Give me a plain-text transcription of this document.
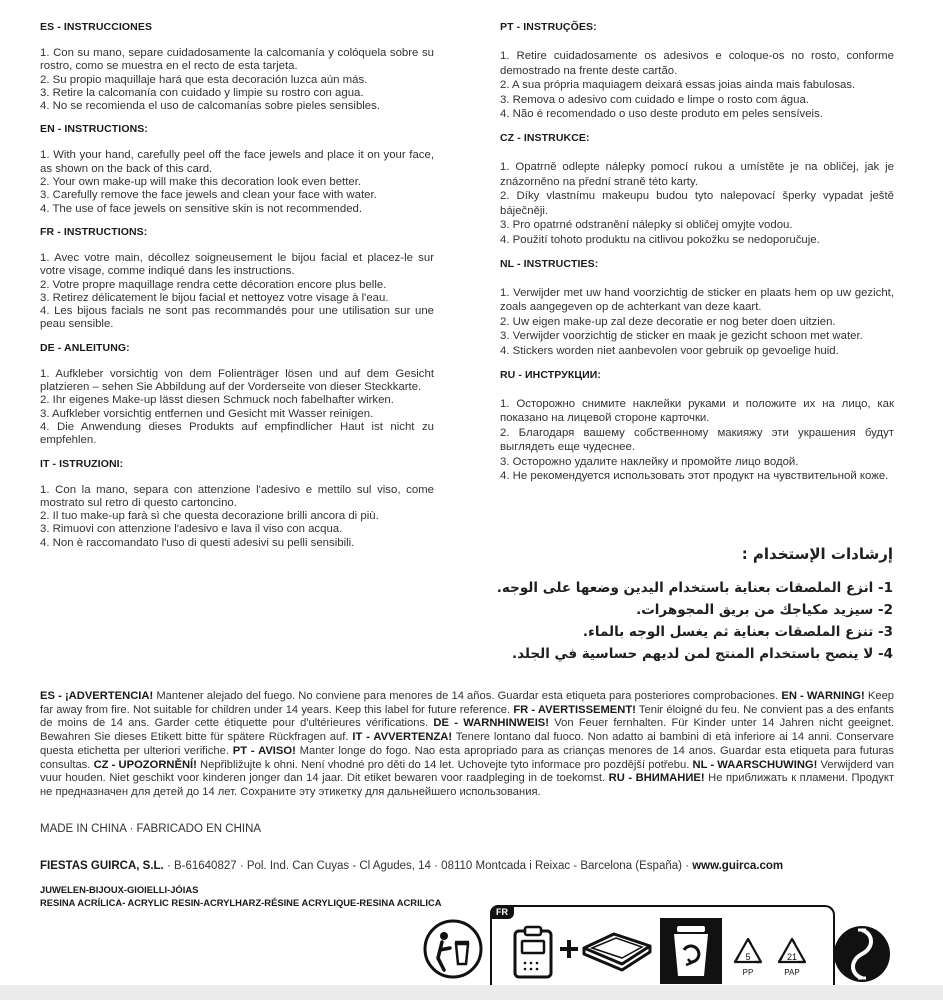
ES - INSTRUCCIONES

1. Con su mano, separe cuidadosamente la calcomanía y colóquela sobre su rostro, como se muestra en el recto de esta tarjeta.

2. Su propio maquillaje hará que esta decoración luzca aún más.

3. Retire la calcomanía con cuidado y limpie su rostro con agua.

4. No se recomienda el uso de calcomanías sobre pieles sensibles.

EN - INSTRUCTIONS:

1. With your hand, carefully peel off the face jewels and place it on your face, as shown on the back of this card.

2. Your own make-up will make this decoration look even better.

3. Carefully remove the face jewels and clean your face with water.

4. The use of face jewels on sensitive skin is not recommended.

FR - INSTRUCTIONS:

1. Avec votre main, décollez soigneusement le bijou facial et placez-le sur votre visage, comme indiqué dans les instructions.

2. Votre propre maquillage rendra cette décoration encore plus belle.

3. Retirez délicatement le bijou facial et nettoyez votre visage à l'eau.

4. Les bijous facials ne sont pas recommandés pour une utilisation sur une peau sensible.

DE - ANLEITUNG:

1. Aufkleber vorsichtig von dem Folienträger lösen und auf dem Gesicht platzieren – sehen Sie Abbildung auf der Vorderseite von dieser Steckkarte.

2. Ihr eigenes Make-up lässt diesen Schmuck noch fabelhafter wirken.

3. Aufkleber vorsichtig entfernen und Gesicht mit Wasser reinigen.

4. Die Anwendung dieses Produkts auf empfindlicher Haut ist nicht zu empfehlen.

IT - ISTRUZIONI:

1. Con la mano, separa con attenzione l'adesivo e mettilo sul viso, come mostrato sul retro di questo cartoncino.

2. Il tuo make-up farà sì che questa decorazione brilli ancora di più.

3. Rimuovi con attenzione l'adesivo e lava il viso con acqua.

4. Non è raccomandato l'uso di questi adesivi su pelli sensibili.

PT - INSTRUÇÕES:

1. Retire cuidadosamente os adesivos e coloque-os no rosto, conforme demostrado na frente deste cartão.

2. A sua própria maquiagem deixará essas joias ainda mais fabulosas.

3. Remova o adesivo com cuidado e limpe o rosto com água.

4. Não é recomendado o uso deste produto em peles sensíveis.

CZ - INSTRUKCE:

1. Opatrně odlepte nálepky pomocí rukou a umístěte je na obličej, jak je znázorněno na přední straně této karty.

2. Díky vlastnímu makeupu budou tyto nalepovací šperky vypadat ještě báječněji.

3. Pro opatrné odstranění nálepky si obličej omyjte vodou.

4. Použití tohoto produktu na citlivou pokožku se nedoporučuje.

NL - INSTRUCTIES:

1. Verwijder met uw hand voorzichtig de sticker en plaats hem op uw gezicht, zoals aangegeven op de achterkant van deze kaart.

2. Uw eigen make-up zal deze decoratie er nog beter doen uitzien.

3. Verwijder voorzichtig de sticker en maak je gezicht schoon met water.

4. Stickers worden niet aanbevolen voor gebruik op gevoelige huid.

RU - ИНСТРУКЦИИ:

1. Осторожно снимите наклейки руками и положите их на лицо, как показано на лицевой стороне карточки.

2. Благодаря вашему собственному макияжу эти украшения будут выглядеть еще чудеснее.

3. Осторожно удалите наклейку и промойте лицо водой.

4. Не рекомендуется использовать этот продукт на чувствительной коже.

إرشادات الإستخدام :

1- انزع الملصقات بعناية باستخدام اليدين وضعها على الوجه.

2- سيزيد مكياجك من بريق المجوهرات.

3- تنزع الملصقات بعناية ثم يغسل الوجه بالماء.

4- لا ينصح باستخدام المنتج لمن لديهم حساسية في الجلد.

ES - ¡ADVERTENCIA! Mantener alejado del fuego. No conviene para menores de 14 años. Guardar esta etiqueta para posteriores comprobaciones. EN - WARNING! Keep far away from fire. Not suitable for children under 14 years. Keep this label for future reference. FR - AVERTISSEMENT! Tenir éloigné du feu. Ne convient pas a des enfants de moins de 14 ans. Garder cette étiquette pour d'ultérieures vérifications. DE - WARNHINWEIS! Von Feuer fernhalten. Für Kinder unter 14 Jahren nicht geeignet. Bewahren Sie dieses Etikett bitte für spätere Rückfragen auf. IT - AVVERTENZA! Tenere lontano dal fuoco. Non adatto ai bambini di età inferiore ai 14 anni. Conservare questa etichetta per ulteriori verifiche. PT - AVISO! Manter longe do fogo. Nao esta apropriado para as crianças menores de 14 anos. Guardar esta etiqueta para futuras consultas. CZ - UPOZORNĚNÍ! Nepřibližujte k ohni. Není vhodné pro děti do 14 let. Uchovejte tyto informace pro pozdější potřebu. NL - WAARSCHUWING! Verwijderd van vuur houden. Niet geschikt voor kinderen jonger dan 14 jaar. Dit etiket bewaren voor raadpleging in de toekomst. RU - ВНИМАНИЕ! Не приближать к пламени. Продукт не предназначен для детей до 14 лет. Сохраните эту этикетку для дальнейшего использования.
MADE IN CHINA · FABRICADO EN CHINA
FIESTAS GUIRCA, S.L. · B-61640827 · Pol. Ind. Can Cuyas - Cl Agudes, 14 · 08110 Montcada i Reixac - Barcelona (España) · www.guirca.com
JUWELEN-BIJOUX-GIOIELLI-JÓIAS
RESINA ACRÍLICA- ACRYLIC RESIN-ACRYLHARZ-RÉSINE ACRYLIQUE-RESINA ACRILICA
FR
5
PP
21
PAP
